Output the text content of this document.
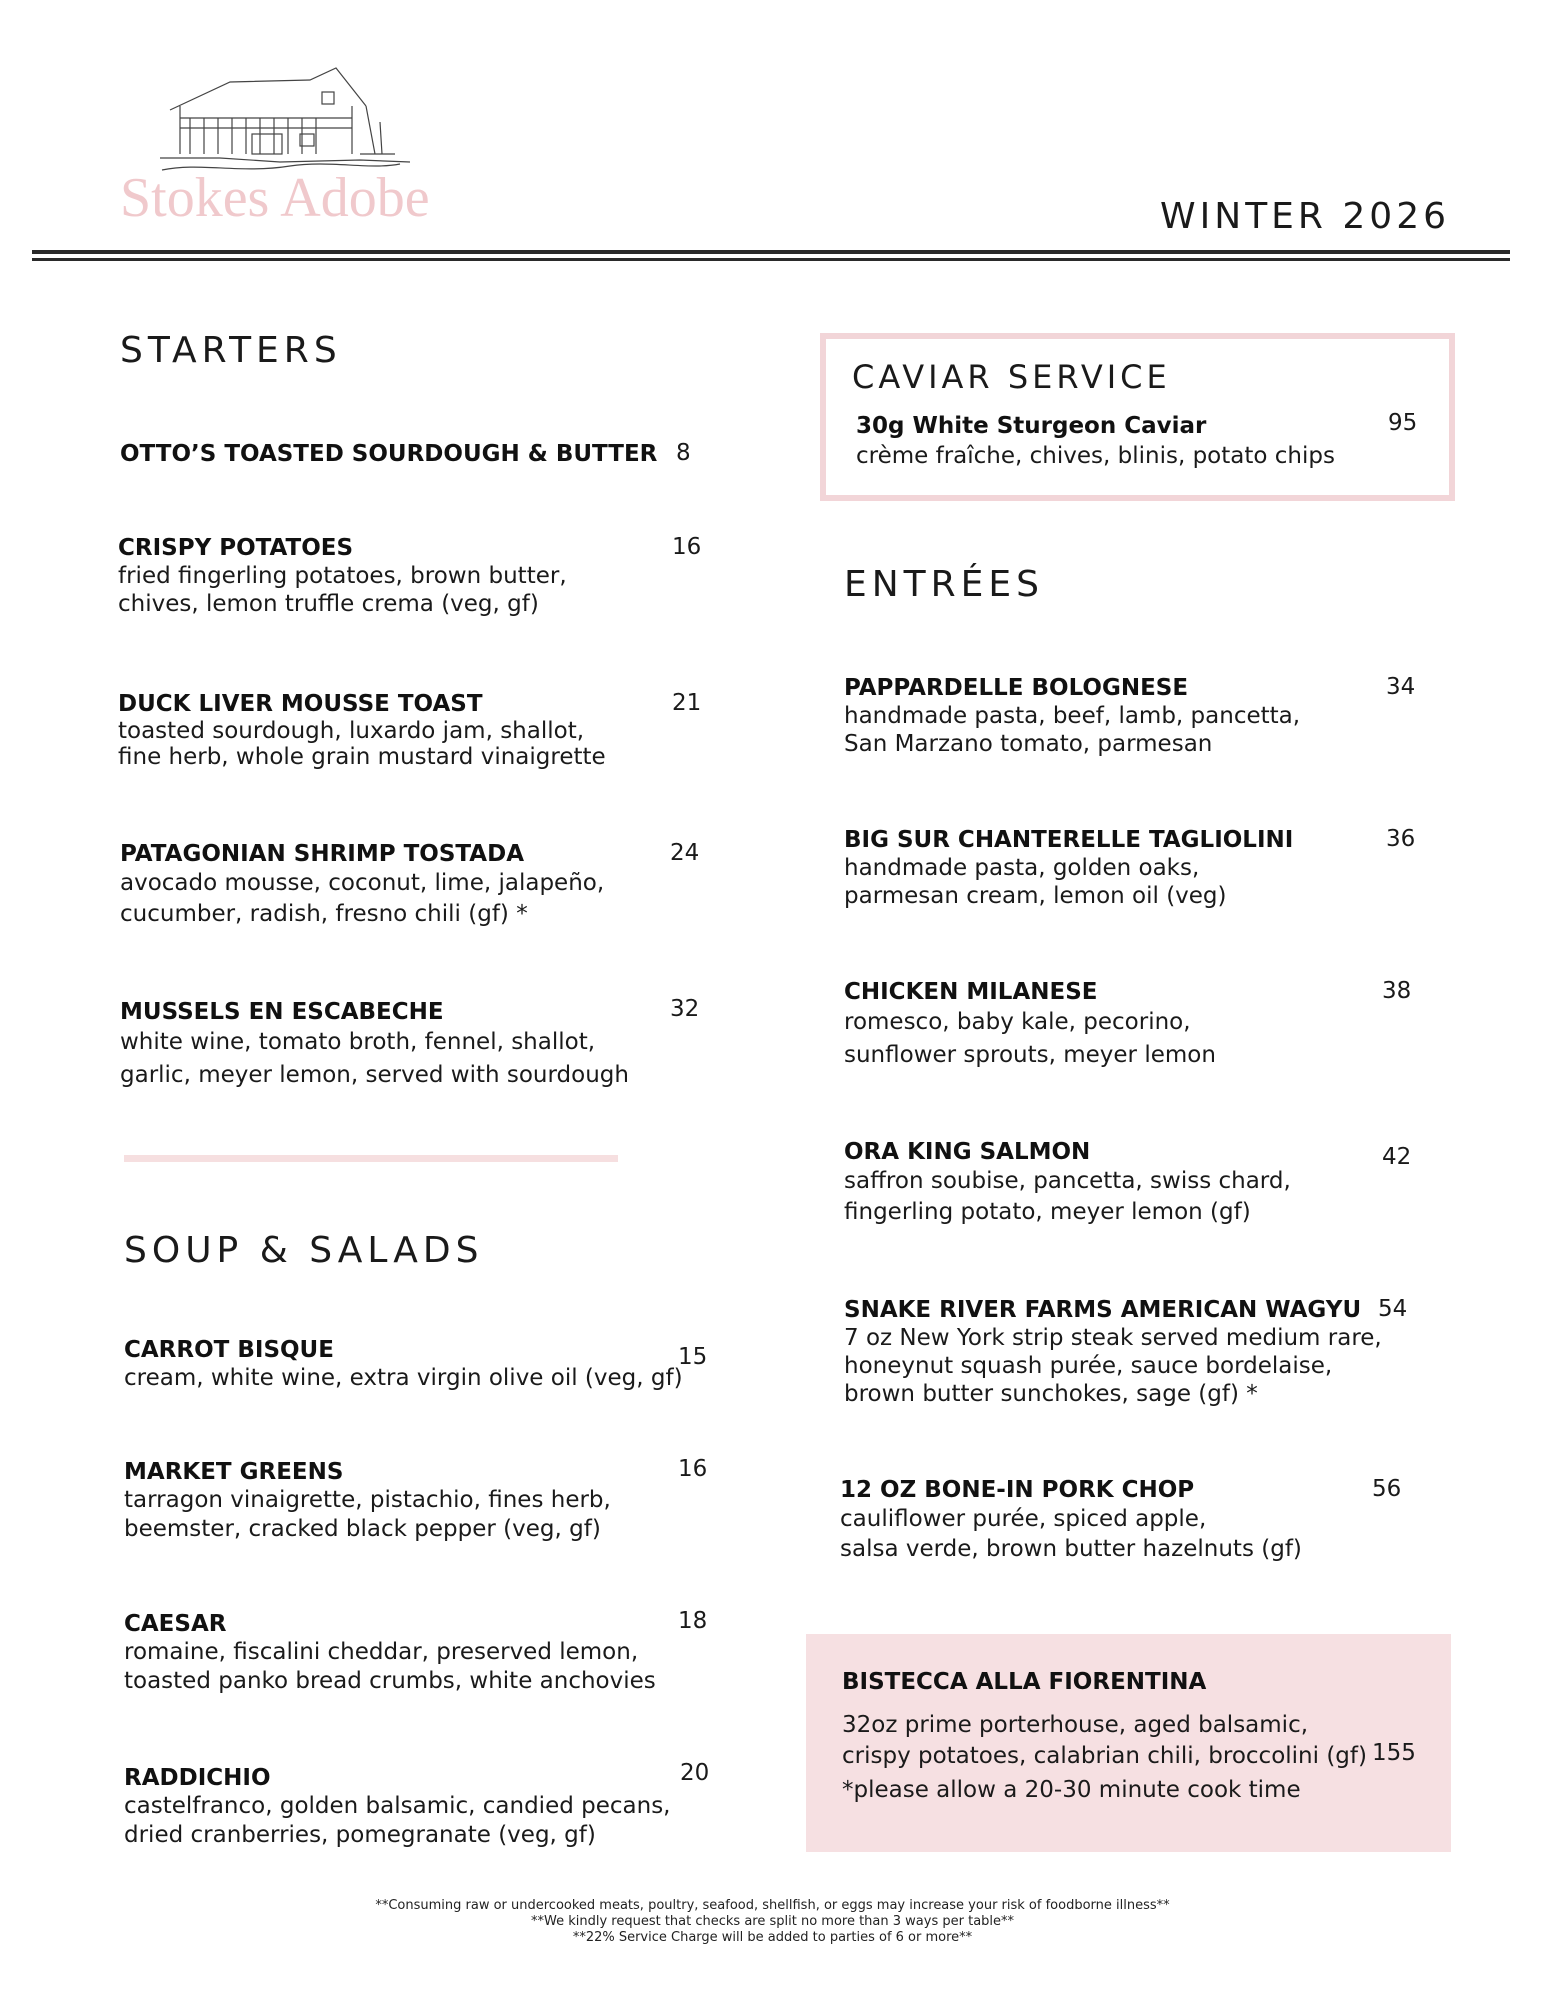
Stokes Adobe	WINTER 2026
STARTERS
OTTO’S TOASTED SOURDOUGH & BUTTER 8
CRISPY POTATOES
fried fingerling potatoes, brown butter,
chives, lemon truffle crema (veg, gf)
16
DUCK LIVER MOUSSE TOAST
toasted sourdough, luxardo jam, shallot,
fine herb, whole grain mustard vinaigrette
21
PATAGONIAN SHRIMP TOSTADA
avocado mousse, coconut, lime, jalapeño,
cucumber, radish, fresno chili (gf) *
24
MUSSELS EN ESCABECHE
white wine, tomato broth, fennel, shallot,
garlic, meyer lemon, served with sourdough
32
SOUP & SALADS
CARROT BISQUE
cream, white wine, extra virgin olive oil (veg, gf)
15
MARKET GREENS
tarragon vinaigrette, pistachio, fines herb,
beemster, cracked black pepper (veg, gf)
16
CAESAR
romaine, fiscalini cheddar, preserved lemon,
toasted panko bread crumbs, white anchovies
18
RADDICHIO
castelfranco, golden balsamic, candied pecans,
dried cranberries, pomegranate (veg, gf)
20
CAVIAR SERVICE
30g White Sturgeon Caviar
crème fraîche, chives, blinis, potato chips
95
ENTRÉES
PAPPARDELLE BOLOGNESE
handmade pasta, beef, lamb, pancetta,
San Marzano tomato, parmesan
34
BIG SUR CHANTERELLE TAGLIOLINI
handmade pasta, golden oaks,
parmesan cream, lemon oil (veg)
36
CHICKEN MILANESE
romesco, baby kale, pecorino,
sunflower sprouts, meyer lemon
38
ORA KING SALMON
saffron soubise, pancetta, swiss chard,
fingerling potato, meyer lemon (gf)
42
SNAKE RIVER FARMS AMERICAN WAGYU
7 oz New York strip steak served medium rare,
honeynut squash purée, sauce bordelaise,
brown butter sunchokes, sage (gf) *
54
12 OZ BONE-IN PORK CHOP
cauliflower purée, spiced apple,
salsa verde, brown butter hazelnuts (gf)
56
BISTECCA ALLA FIORENTINA
32oz prime porterhouse, aged balsamic,
crispy potatoes, calabrian chili, broccolini (gf)
*please allow a 20-30 minute cook time
155
**Consuming raw or undercooked meats, poultry, seafood, shellfish, or eggs may increase your risk of foodborne illness**
**We kindly request that checks are split no more than 3 ways per table**
**22% Service Charge will be added to parties of 6 or more**
